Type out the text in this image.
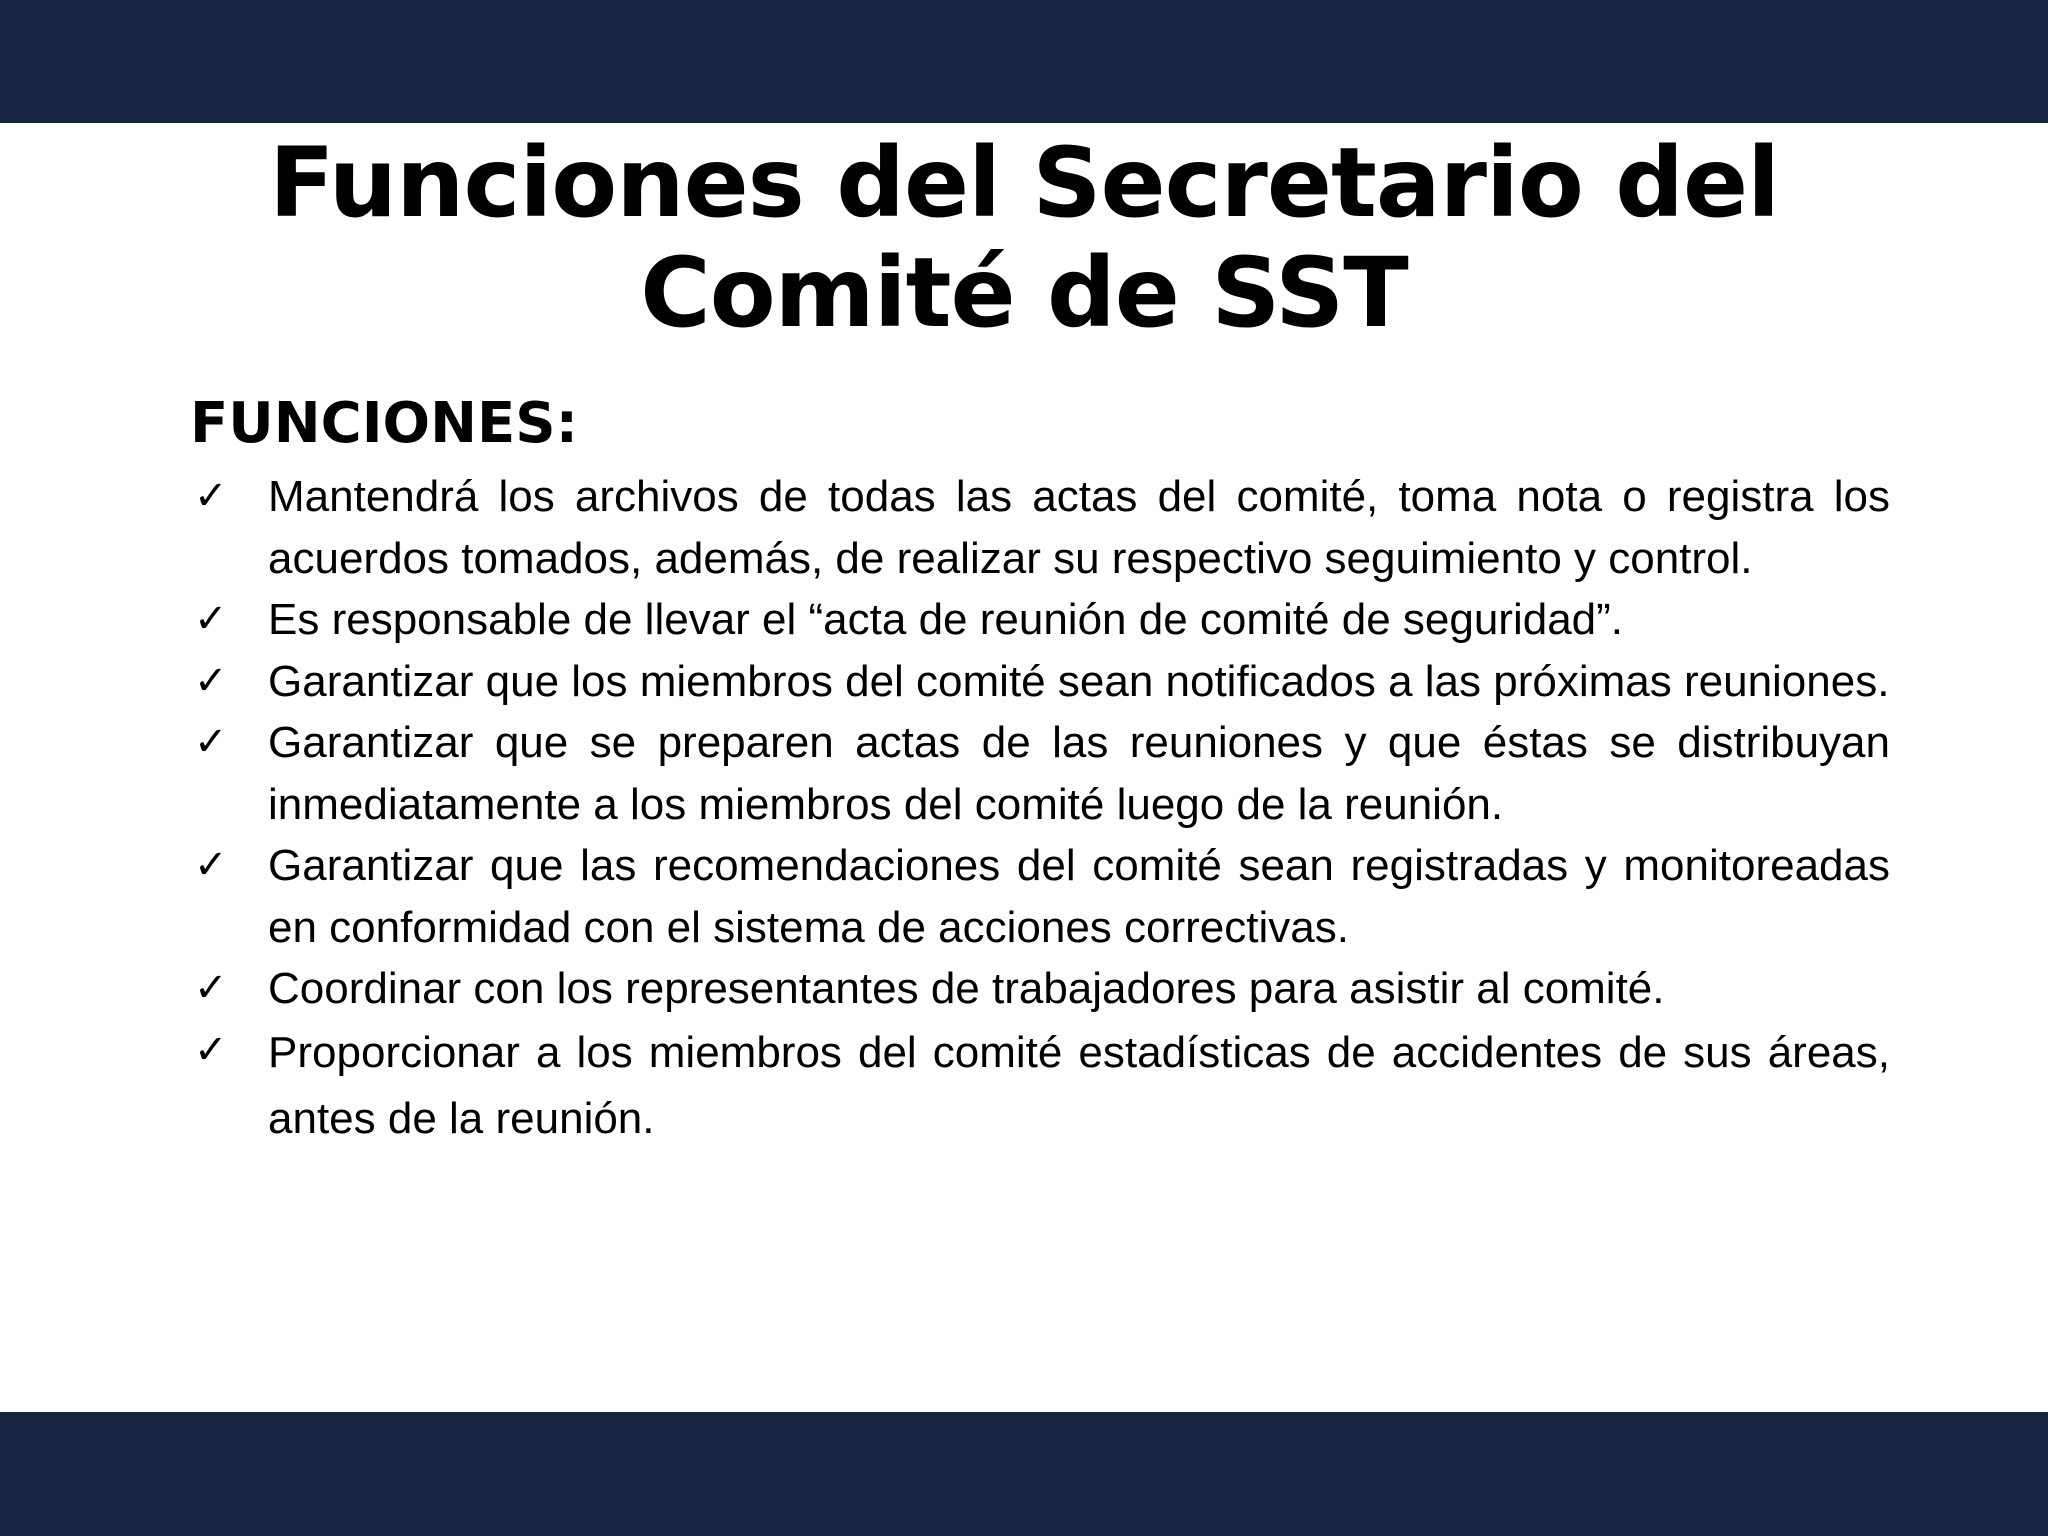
Funciones del Secretario del Comité de SST
FUNCIONES:
✓ Mantendrá los archivos de todas las actas del comité, toma nota o registra los acuerdos tomados, además, de realizar su respectivo seguimiento y control.
✓ Es responsable de llevar el “acta de reunión de comité de seguridad”.
✓ Garantizar que los miembros del comité sean notificados a las próximas reuniones.
✓ Garantizar que se preparen actas de las reuniones y que éstas se distribuyan inmediatamente a los miembros del comité luego de la reunión.
✓ Garantizar que las recomendaciones del comité sean registradas y monitoreadas en conformidad con el sistema de acciones correctivas.
✓ Coordinar con los representantes de trabajadores para asistir al comité.
✓ Proporcionar a los miembros del comité estadísticas de accidentes de sus áreas, antes de la reunión.
